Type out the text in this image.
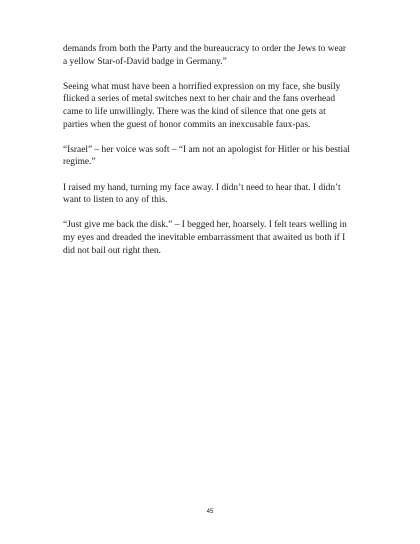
demands from both the Party and the bureaucracy to order the Jews to wear
a yellow Star-of-David badge in Germany.”

Seeing what must have been a horrified expression on my face, she busily
flicked a series of metal switches next to her chair and the fans overhead
came to life unwillingly. There was the kind of silence that one gets at
parties when the guest of honor commits an inexcusable faux-pas.

“Israel” – her voice was soft – “I am not an apologist for Hitler or his bestial
regime.”

I raised my hand, turning my face away. I didn’t need to hear that. I didn’t
want to listen to any of this.

“Just give me back the disk.” – I begged her, hoarsely. I felt tears welling in
my eyes and dreaded the inevitable embarrassment that awaited us both if I
did not bail out right then.

45
